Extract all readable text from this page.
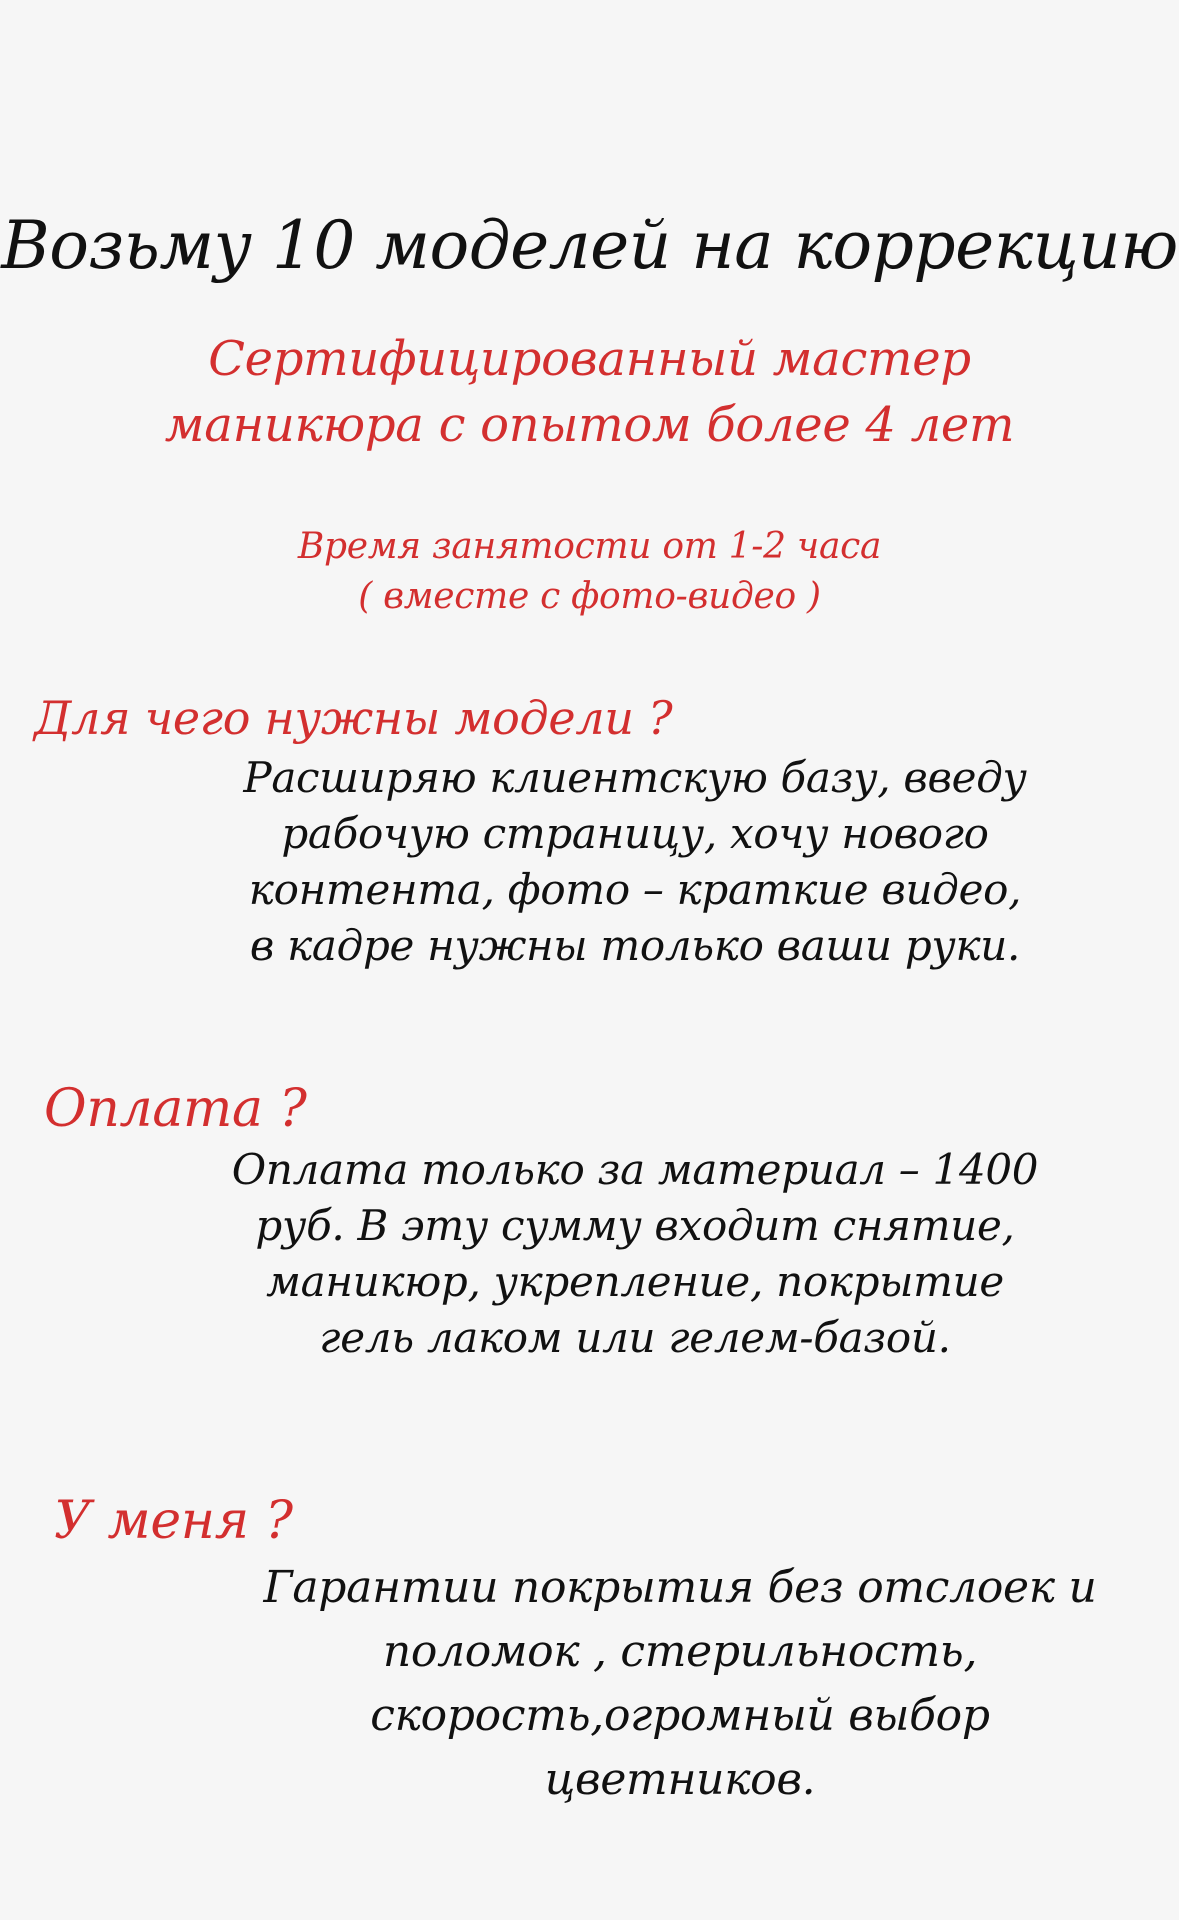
Возьму 10 моделей на коррекцию
Сертифицированный мастер
маникюра с опытом более 4 лет
Время занятости от 1-2 часа
( вместе с фото-видео )
Для чего нужны модели ?
Расширяю клиентскую базу, введу
рабочую страницу, хочу нового
контента, фото – краткие видео,
в кадре нужны только ваши руки.
Оплата ?
Оплата только за материал – 1400
руб. В эту сумму входит снятие,
маникюр, укрепление, покрытие
гель лаком или гелем-базой.
У меня ?
Гарантии покрытия без отслоек и
поломок , стерильность,
скорость,огромный выбор
цветников.
